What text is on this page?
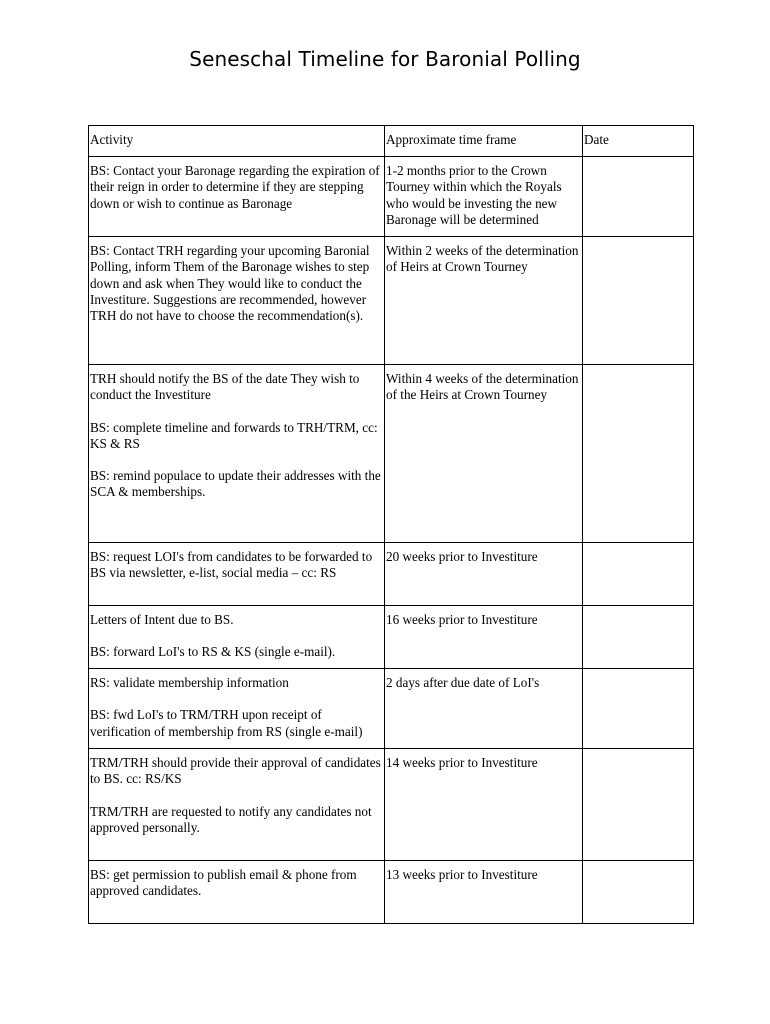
Seneschal Timeline for Baronial Polling
Activity	Approximate time frame	Date

BS: Contact your Baronage regarding the expiration of their reign in order to determine if they are stepping down or wish to continue as Baronage	1-2 months prior to the Crown Tourney within which the Royals who would be investing the new Baronage will be determined	

BS: Contact TRH regarding your upcoming Baronial Polling, inform Them of the Baronage wishes to step down and ask when They would like to conduct the Investiture. Suggestions are recommended, however TRH do not have to choose the recommendation(s).	Within 2 weeks of the determination of Heirs at Crown Tourney	

TRH should notify the BS of the date They wish to conduct the Investiture
BS: complete timeline and forwards to TRH/TRM, cc: KS & RS
BS: remind populace to update their addresses with the SCA & memberships.	Within 4 weeks of the determination of the Heirs at Crown Tourney	

BS: request LOI's from candidates to be forwarded to BS via newsletter, e-list, social media – cc: RS	20 weeks prior to Investiture	

Letters of Intent due to BS.
BS: forward LoI's to RS & KS (single e-mail).	16 weeks prior to Investiture	

RS: validate membership information
BS: fwd LoI's to TRM/TRH upon receipt of verification of membership from RS (single e-mail)	2 days after due date of LoI's	

TRM/TRH should provide their approval of candidates to BS. cc: RS/KS
TRM/TRH are requested to notify any candidates not approved personally.	14 weeks prior to Investiture	

BS: get permission to publish email & phone from approved candidates.	13 weeks prior to Investiture	
